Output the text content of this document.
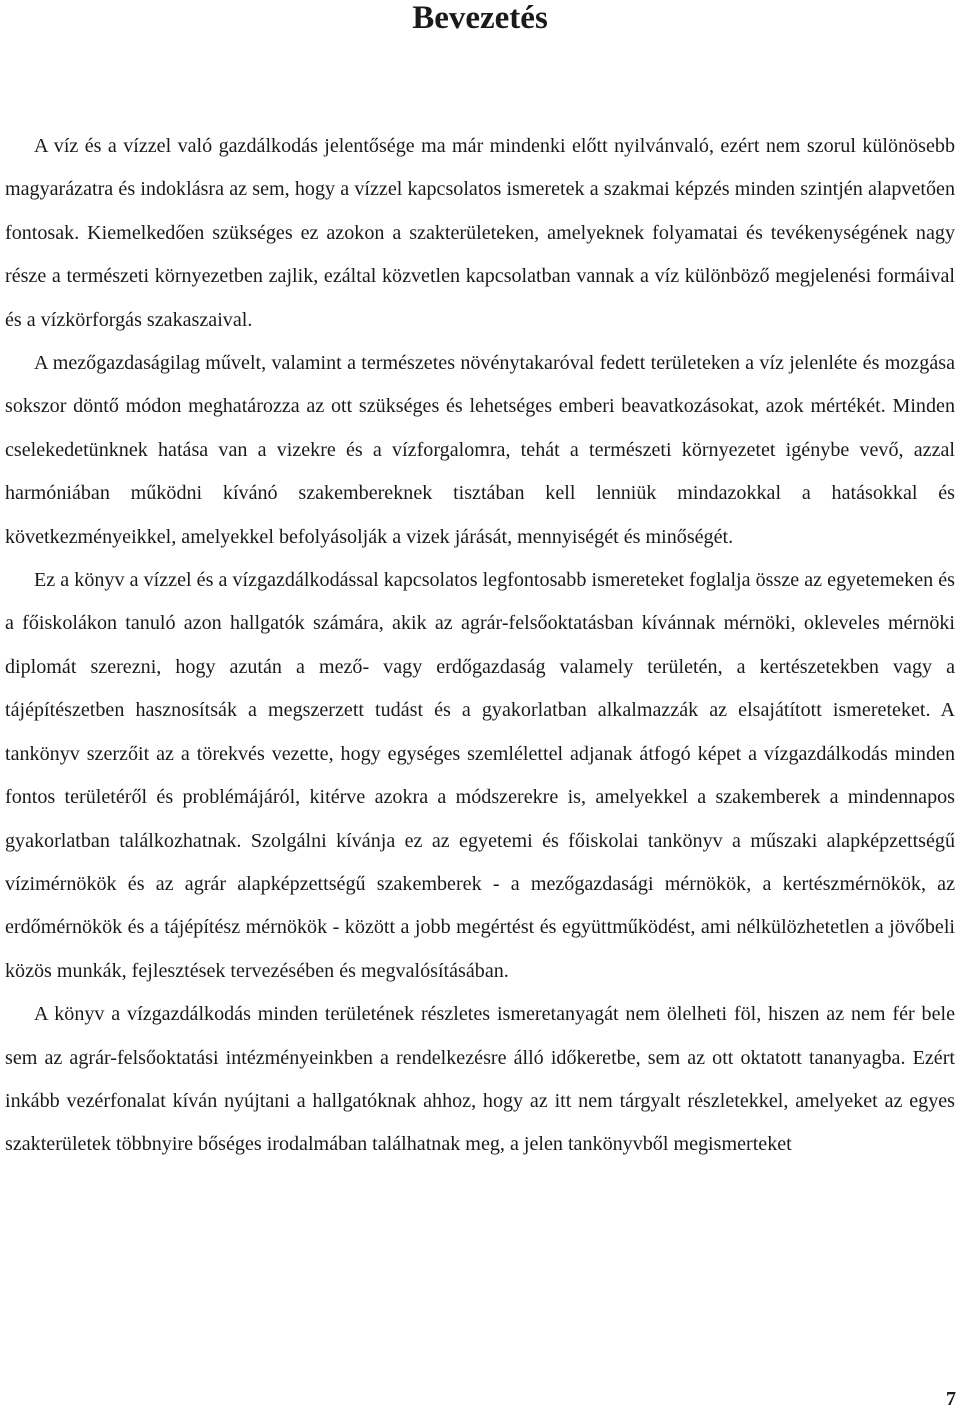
Bevezetés

A víz és a vízzel való gazdálkodás jelentősége ma már mindenki előtt nyilvánvaló, ezért nem szorul különösebb magyarázatra és indoklásra az sem, hogy a vízzel kapcsolatos ismeretek a szakmai képzés minden szintjén alapvetően fontosak. Kiemelkedően szükséges ez azokon a szakterületeken, amelyeknek folyamatai és tevékenységének nagy része a természeti környezetben zajlik, ezáltal közvetlen kapcsolatban vannak a víz különböző megjelenési formáival és a vízkörforgás szakaszaival.

A mezőgazdaságilag művelt, valamint a természetes növénytakaróval fedett területeken a víz jelenléte és mozgása sokszor döntő módon meghatározza az ott szükséges és lehetséges emberi beavatkozásokat, azok mértékét. Minden cselekedetünknek hatása van a vizekre és a vízforgalomra, tehát a természeti környezetet igénybe vevő, azzal harmóniában működni kívánó szakembereknek tisztában kell lenniük mindazokkal a hatásokkal és következményeikkel, amelyekkel befolyásolják a vizek járását, mennyiségét és minőségét.

Ez a könyv a vízzel és a vízgazdálkodással kapcsolatos legfontosabb ismereteket foglalja össze az egyetemeken és a főiskolákon tanuló azon hallgatók számára, akik az agrár-felsőoktatásban kívánnak mérnöki, okleveles mérnöki diplomát szerezni, hogy azután a mező- vagy erdőgazdaság valamely területén, a kertészetekben vagy a tájépítészetben hasznosítsák a megszerzett tudást és a gyakorlatban alkalmazzák az elsajátított ismereteket. A tankönyv szerzőit az a törekvés vezette, hogy egységes szemlélettel adjanak átfogó képet a vízgazdálkodás minden fontos területéről és problémájáról, kitérve azokra a módszerekre is, amelyekkel a szakemberek a mindennapos gyakorlatban találkozhatnak. Szolgálni kívánja ez az egyetemi és főiskolai tankönyv a műszaki alapképzettségű vízimérnökök és az agrár alapképzettségű szakemberek - a mezőgazdasági mérnökök, a kertészmérnökök, az erdőmérnökök és a tájépítész mérnökök - között a jobb megértést és együttműködést, ami nélkülözhetetlen a jövőbeli közös munkák, fejlesztések tervezésében és megvalósításában.

A könyv a vízgazdálkodás minden területének részletes ismeretanyagát nem ölelheti föl, hiszen az nem fér bele sem az agrár-felsőoktatási intézményeinkben a rendelkezésre álló időkeretbe, sem az ott oktatott tananyagba. Ezért inkább vezérfonalat kíván nyújtani a hallgatóknak ahhoz, hogy az itt nem tárgyalt részletekkel, amelyeket az egyes szakterületek többnyire bőséges irodalmában találhatnak meg, a jelen tankönyvből megismerteket

7
